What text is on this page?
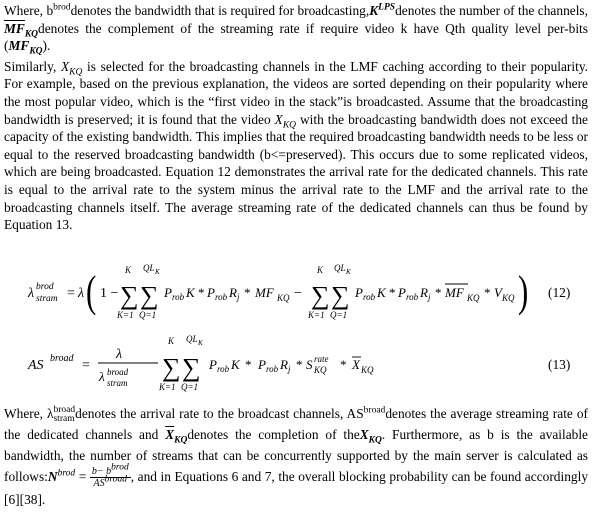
Where, $b^{brod}denotes$ the bandwidth that is required for $broadcasting,K^{LPS}denotes$ the number of the channels, $\overline{MF}_{KQ}denotes$ the complement of the streaming rate if require video k have Qth quality level per-bits $(MF_{KQ})$.

Similarly, $X_{KQ}$ is selected for the broadcasting channels in the LMF caching according to their popularity. For example, based on the previous explanation, the videos are sorted depending on their popularity where the most popular video, which is the “first video in the stack”is broadcasted. Assume that the broadcasting bandwidth is preserved; it is found that the video $X_{KQ}$ with the broadcasting bandwidth does not exceed the capacity of the existing bandwidth. This implies that the required broadcasting bandwidth needs to be less or equal to the reserved broadcasting bandwidth (b<=preserved). This occurs due to some replicated videos, which are being broadcasted. Equation 12 demonstrates the arrival rate for the dedicated channels. This rate is equal to the arrival rate to the system minus the arrival rate to the LMF and the arrival rate to the broadcasting channels itself. The average streaming rate of the dedicated channels can thus be found by Equation 13.

λ brod
stram = λ ( 1 −
K QL K
∑ ∑
K=1 Q=1
P rob K * P rob R j * MF KQ −
K QL K
∑ ∑
K=1 Q=1
P rob K * P rob R j * MF KQ * V KQ ) (12)
AS broad =
λ
λ broad
stram
K QL K
∑ ∑
K=1 Q=1
P rob K * P rob R j * S rate
KQ * X KQ	(13)

Where, λ broad
stram denotes the arrival rate to the broadcast channels, $AS^{broad}denotes$ the average streaming rate of the dedicated channels and $\overline{X}_{KQ}denotes$ the completion of theX$_{KQ}$. Furthermore, as b is the available bandwidth, the number of streams that can be concurrently supported by the main server is calculated as $follows:N^{brod} = b- b^{brod}$
$AS^{broad}$ , and in Equations 6 and 7, the overall blocking probability can be found accordingly [6][38].
